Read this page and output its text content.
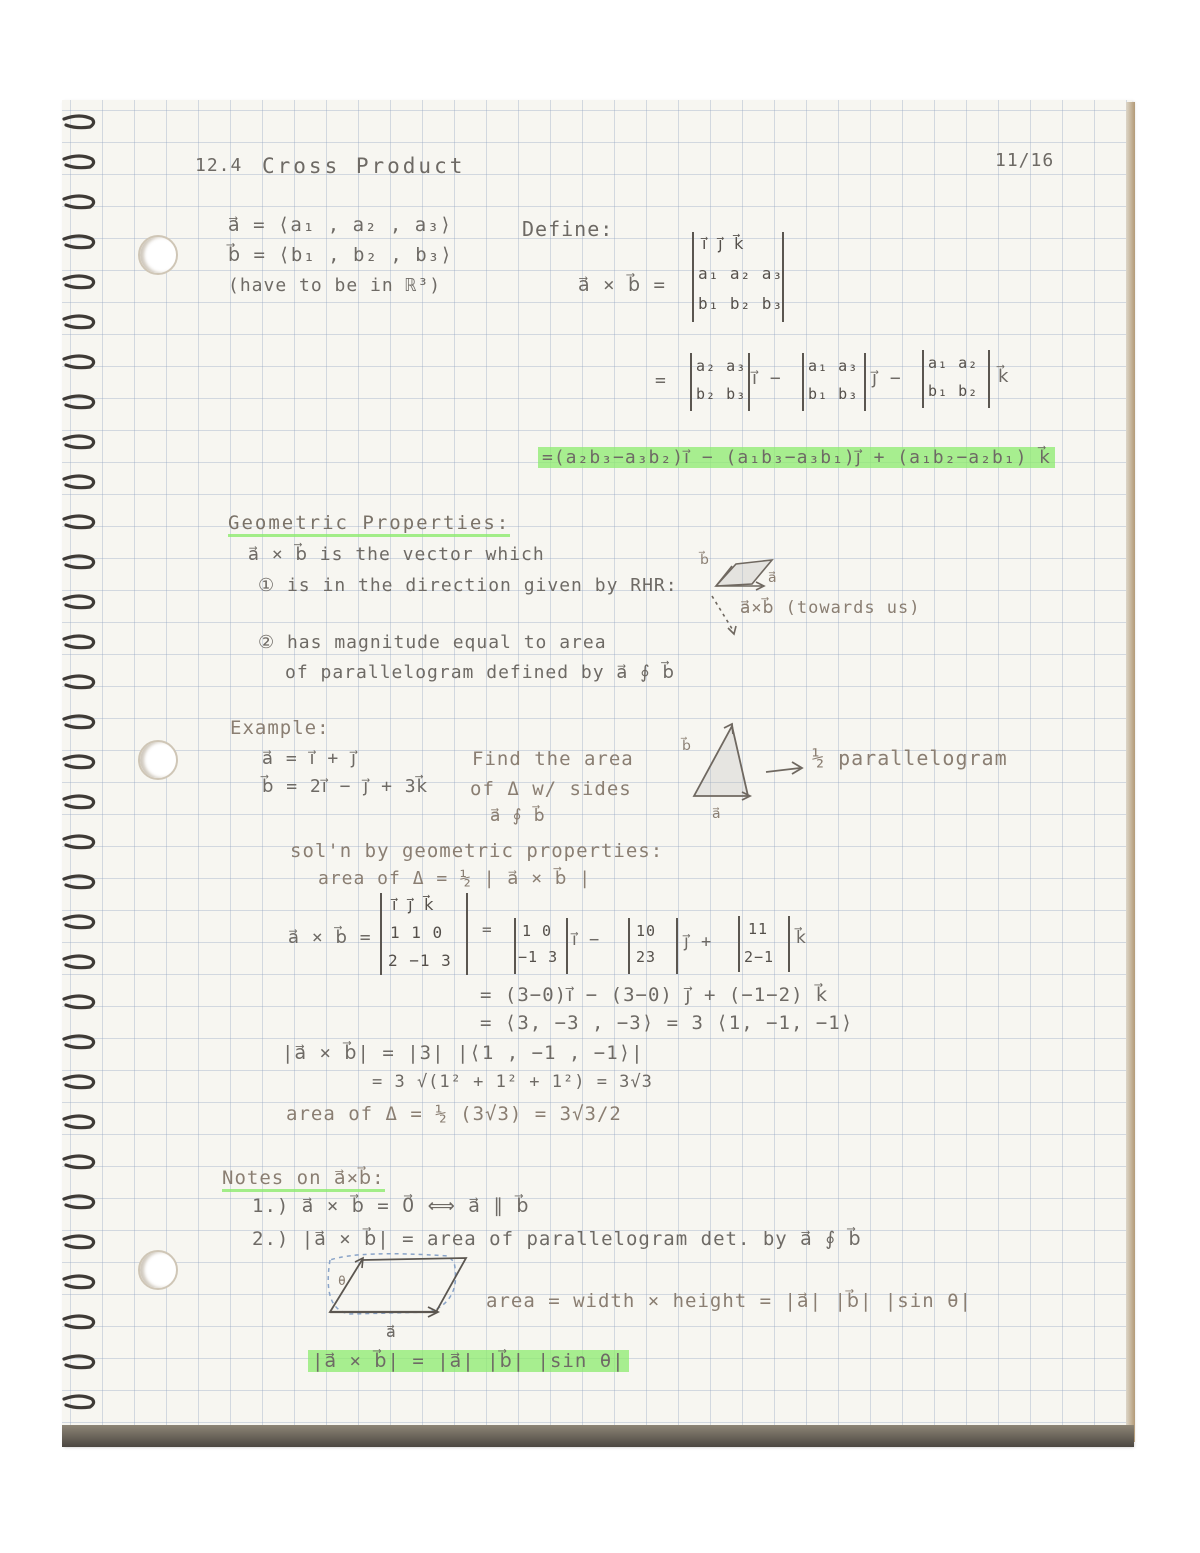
12.4 Cross Product	11/16
a⃗ = ⟨a₁ , a₂ , a₃⟩
b⃗ = ⟨b₁ , b₂ , b₃⟩
(have to be in ℝ³)
Define:
a⃗ × b⃗ =
i⃗ j⃗ k⃗
a₁ a₂ a₃
b₁ b₂ b₃
=
a₂ a₃
b₂ b₃
i⃗ −
a₁ a₃
b₁ b₃
j⃗ −
a₁ a₂
b₁ b₂
k⃗
=(a₂b₃−a₃b₂)i⃗ − (a₁b₃−a₃b₁)j⃗ + (a₁b₂−a₂b₁) k⃗
Geometric Properties:
a⃗ × b⃗ is the vector which
① is in the direction given by RHR:
② has magnitude equal to area
of parallelogram defined by a⃗ ∮ b⃗
b⃗
a⃗
a⃗×b⃗ (towards us)
Example:
a⃗ = i⃗ + j⃗
b⃗ = 2i⃗ − j⃗ + 3k⃗
Find the area
of Δ w/ sides
a⃗ ∮ b⃗
b⃗
a⃗
½ parallelogram
sol'n by geometric properties:
area of Δ = ½ | a⃗ × b⃗ |
a⃗ × b⃗ =
i⃗ j⃗ k⃗
1 1 0
2 −1 3
= 1 0
−1 3
i⃗ − 10
23
j⃗ +
11
2−1
k⃗
= (3−0)i⃗ − (3−0) j⃗ + (−1−2) k⃗
= ⟨3, −3 , −3⟩ = 3 ⟨1, −1, −1⟩
|a⃗ × b⃗| = |3| |⟨1 , −1 , −1⟩|
= 3 √(1² + 1² + 1²) = 3√3
area of Δ = ½ (3√3) = 3√3/2
Notes on a⃗×b⃗:
1.) a⃗ × b⃗ = 0⃗ ⟺ a⃗ ∥ b⃗
2.) |a⃗ × b⃗| = area of parallelogram det. by a⃗ ∮ b⃗
θ
a⃗
area = width × height = |a⃗| |b⃗| |sin θ|
|a⃗ × b⃗| = |a⃗| |b⃗| |sin θ|
